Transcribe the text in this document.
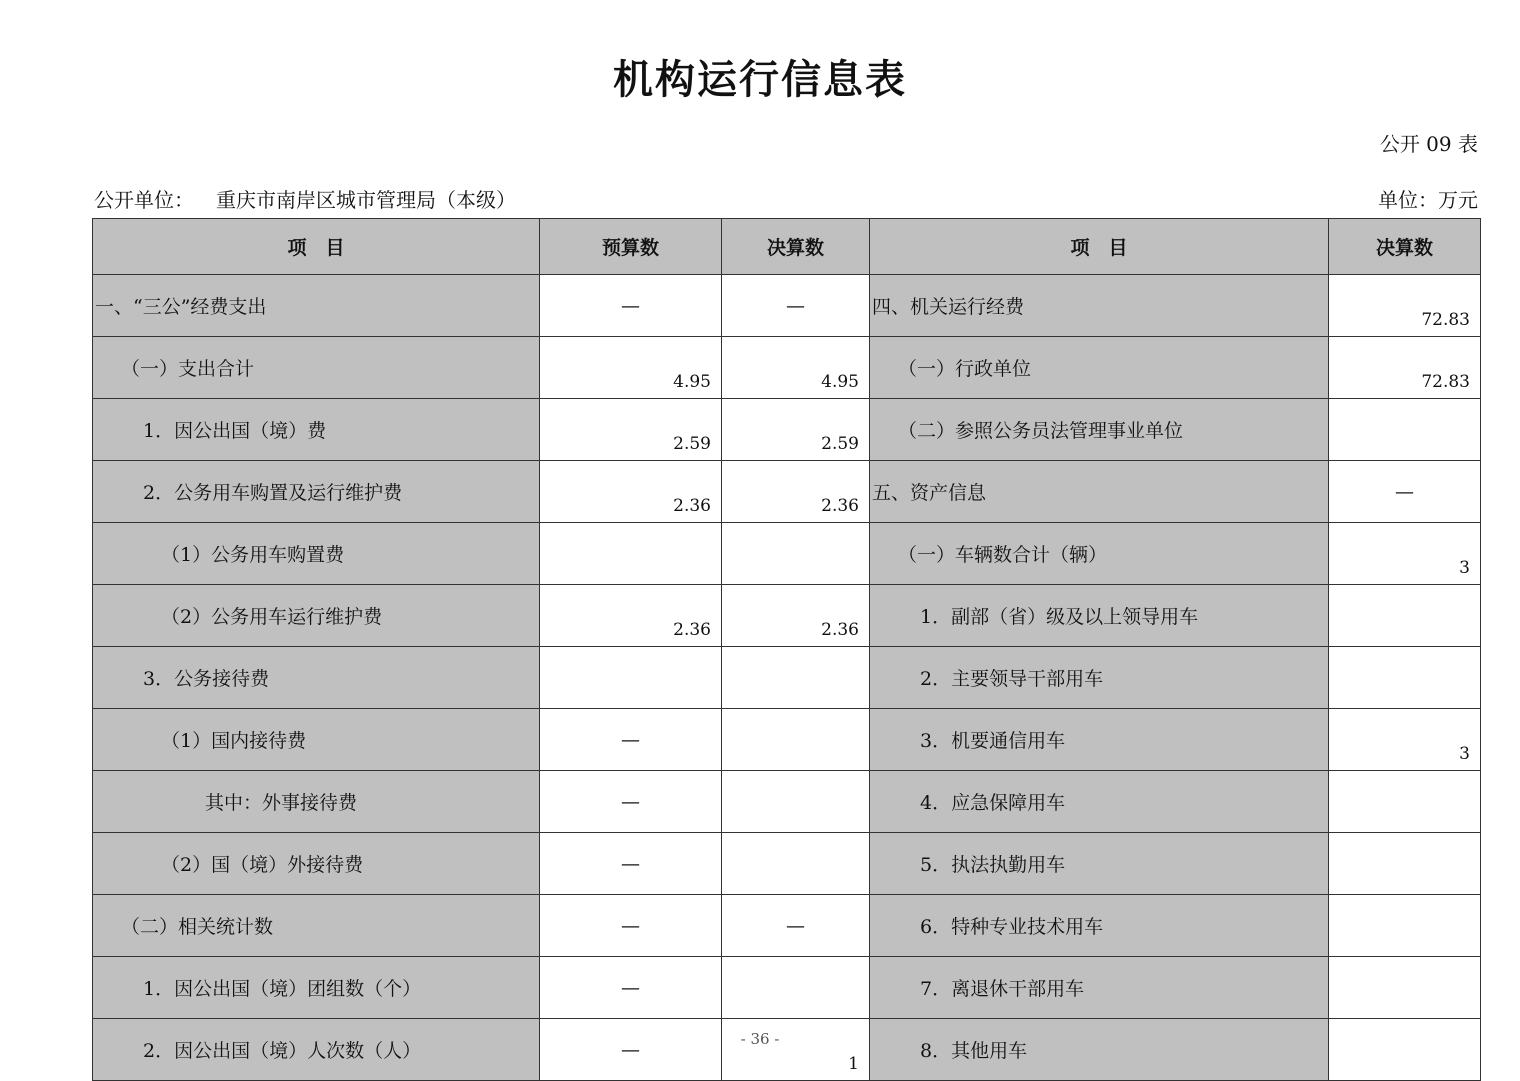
机构运行信息表
公开 09 表
公开单位： 重庆市南岸区城市管理局（本级）	单位：万元
项　目	预算数	决算数	项　目	决算数
一、“三公”经费支出	—	—	四、机关运行经费	72.83
（一）支出合计	4.95	4.95	（一）行政单位	72.83
1．因公出国（境）费	2.59	2.59	（二）参照公务员法管理事业单位	
2．公务用车购置及运行维护费	2.36	2.36	五、资产信息	—
（1）公务用车购置费			（一）车辆数合计（辆）	3
（2）公务用车运行维护费	2.36	2.36	1．副部（省）级及以上领导用车	
3．公务接待费			2．主要领导干部用车	
（1）国内接待费	—		3．机要通信用车	3
其中：外事接待费	—		4．应急保障用车	
（2）国（境）外接待费	—		5．执法执勤用车	
（二）相关统计数	—	—	6．特种专业技术用车	
1．因公出国（境）团组数（个）	—		7．离退休干部用车	
2．因公出国（境）人次数（人）	—	1	8．其他用车	
- 36 -
